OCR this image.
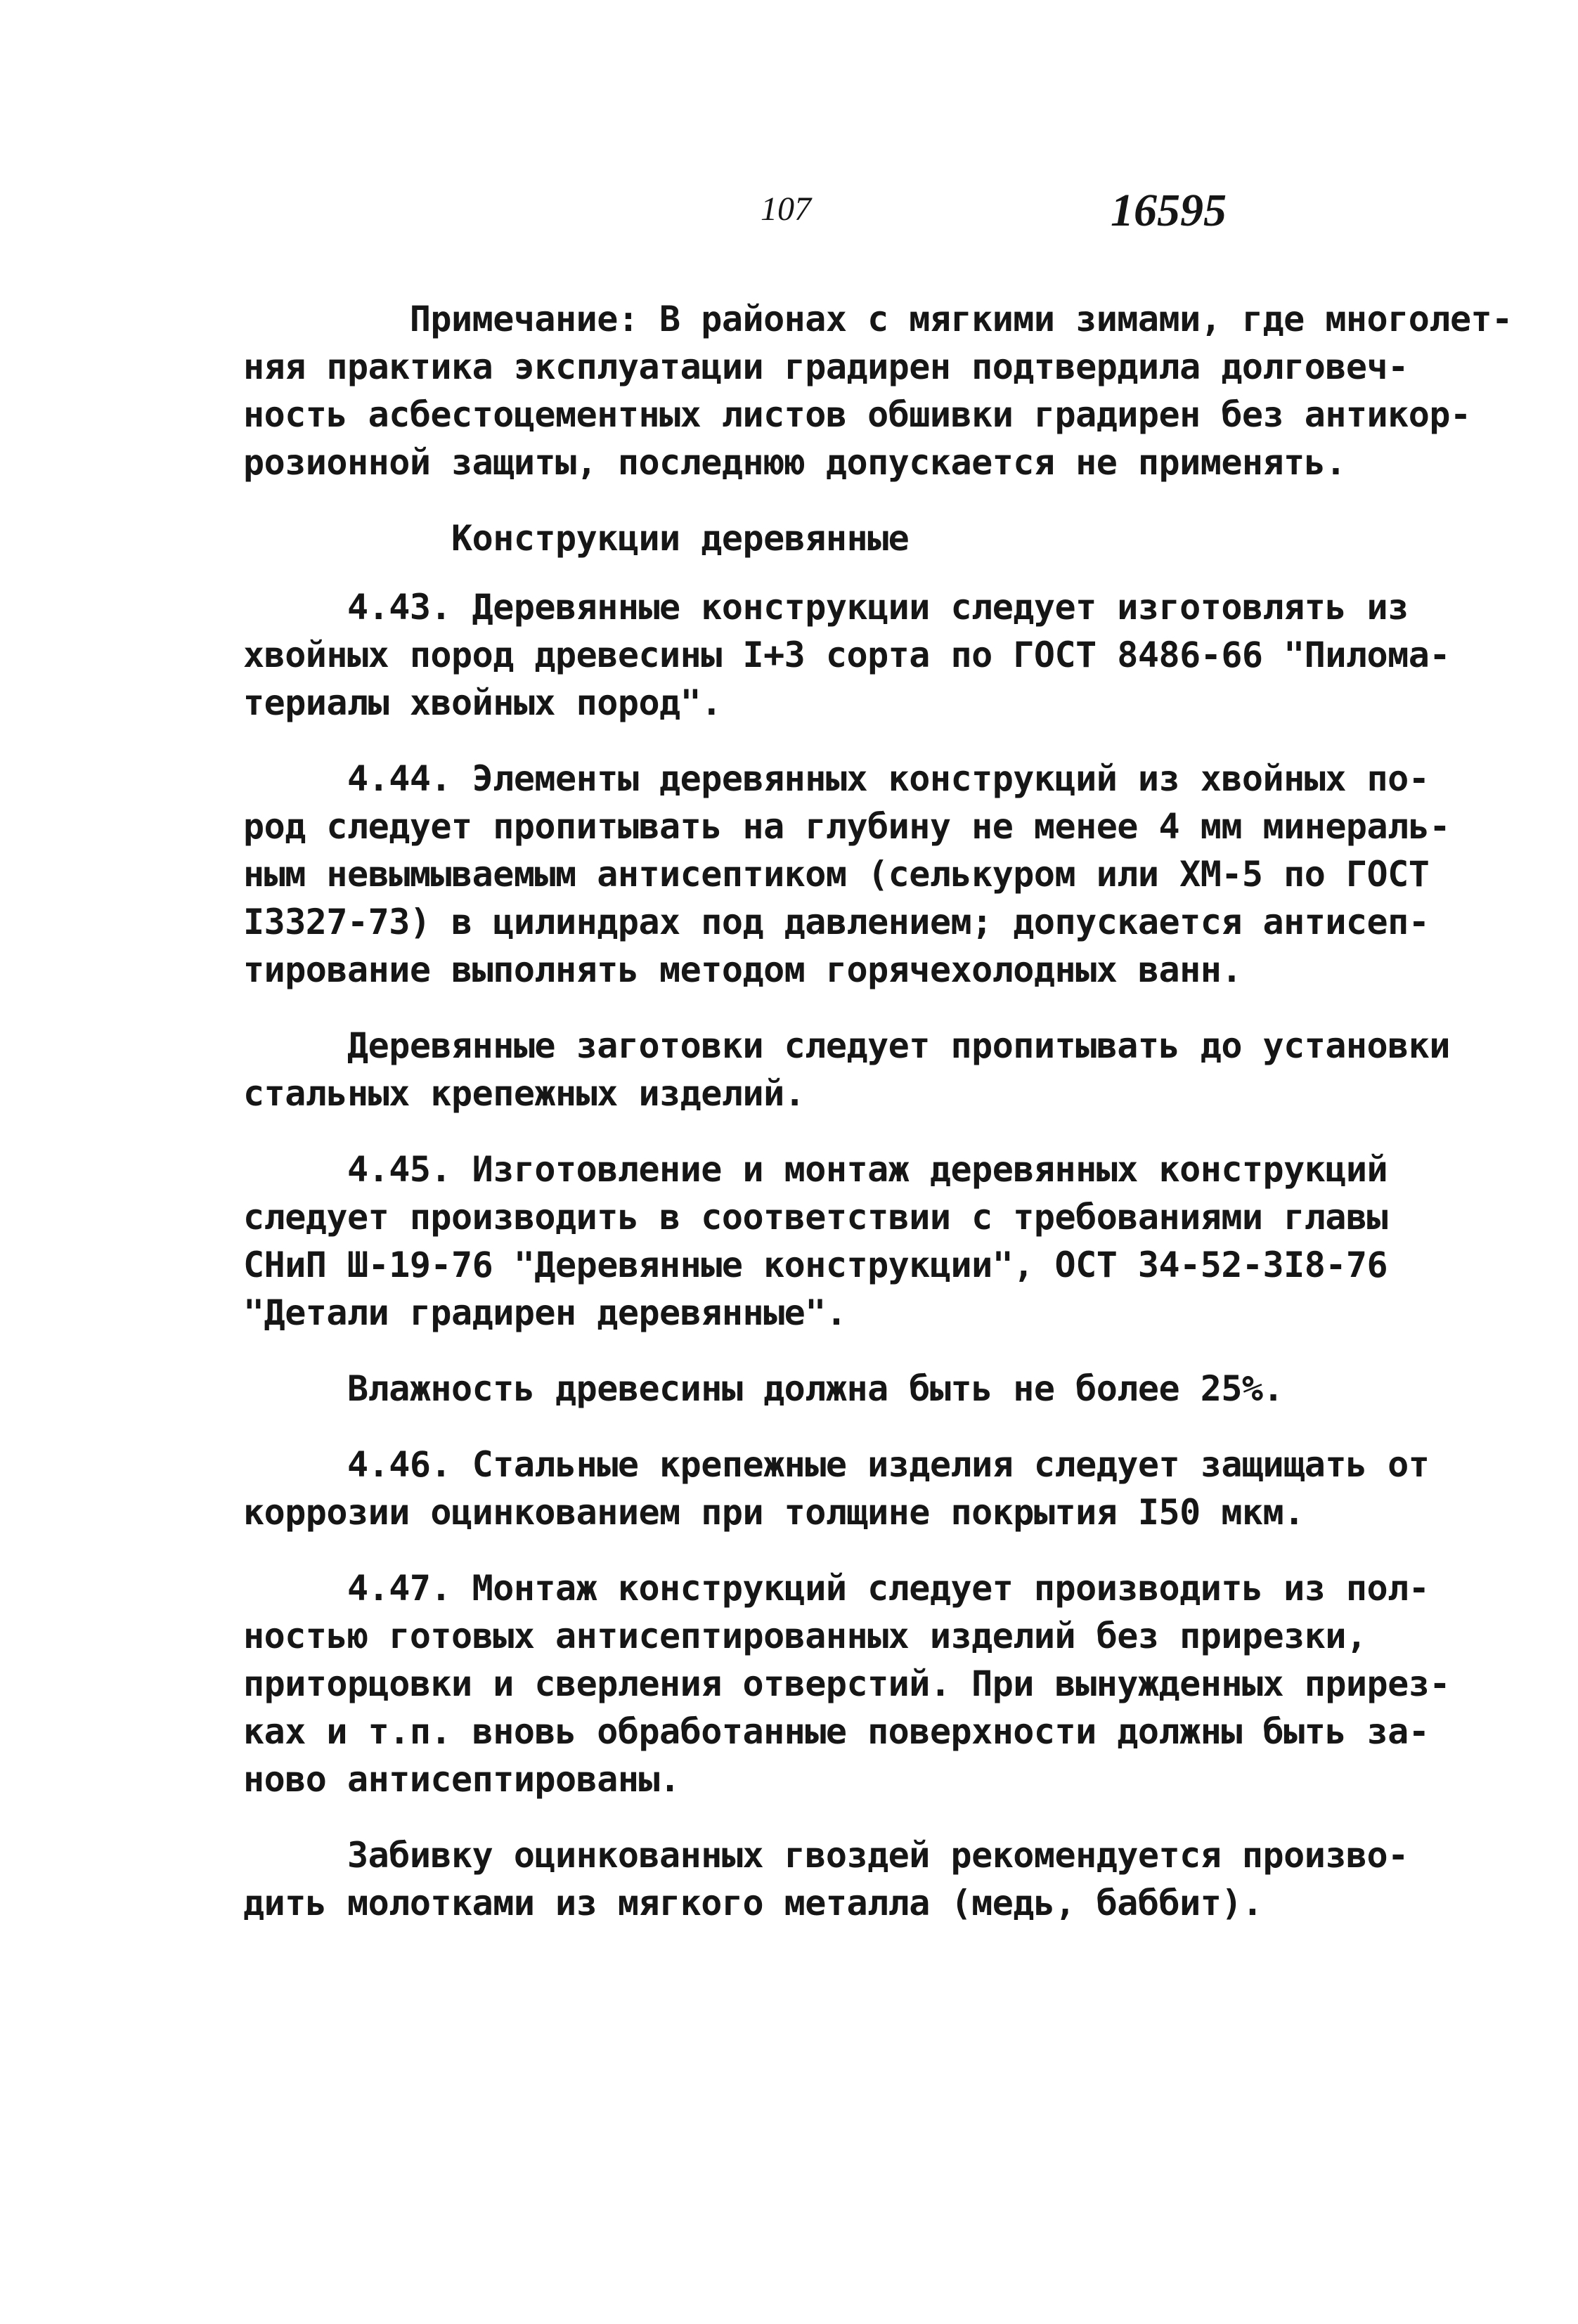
107	16595

Примечание: В районах с мягкими зимами, где многолет-
няя практика эксплуатации градирен подтвердила долговеч-
ность асбестоцементных листов обшивки градирен без антикор-
розионной защиты, последнюю допускается не применять.
Конструкции деревянные
4.43. Деревянные конструкции следует изготовлять из
хвойных пород древесины I+3 сорта по ГОСТ 8486-66 "Пилома-
териалы хвойных пород".
4.44. Элементы деревянных конструкций из хвойных по-
род следует пропитывать на глубину не менее 4 мм минераль-
ным невымываемым антисептиком (селькуром или ХМ-5 по ГОСТ
I3327-73) в цилиндрах под давлением; допускается антисеп-
тирование выполнять методом горячехолодных ванн.
Деревянные заготовки следует пропитывать до установки
стальных крепежных изделий.
4.45. Изготовление и монтаж деревянных конструкций
следует производить в соответствии с требованиями главы
СНиП Ш-19-76 "Деревянные конструкции", ОСТ 34-52-3I8-76
"Детали градирен деревянные".
Влажность древесины должна быть не более 25%.
4.46. Стальные крепежные изделия следует защищать от
коррозии оцинкованием при толщине покрытия I50 мкм.
4.47. Монтаж конструкций следует производить из пол-
ностью готовых антисептированных изделий без прирезки,
приторцовки и сверления отверстий. При вынужденных прирез-
ках и т.п. вновь обработанные поверхности должны быть за-
ново антисептированы.
Забивку оцинкованных гвоздей рекомендуется произво-
дить молотками из мягкого металла (медь, баббит).
